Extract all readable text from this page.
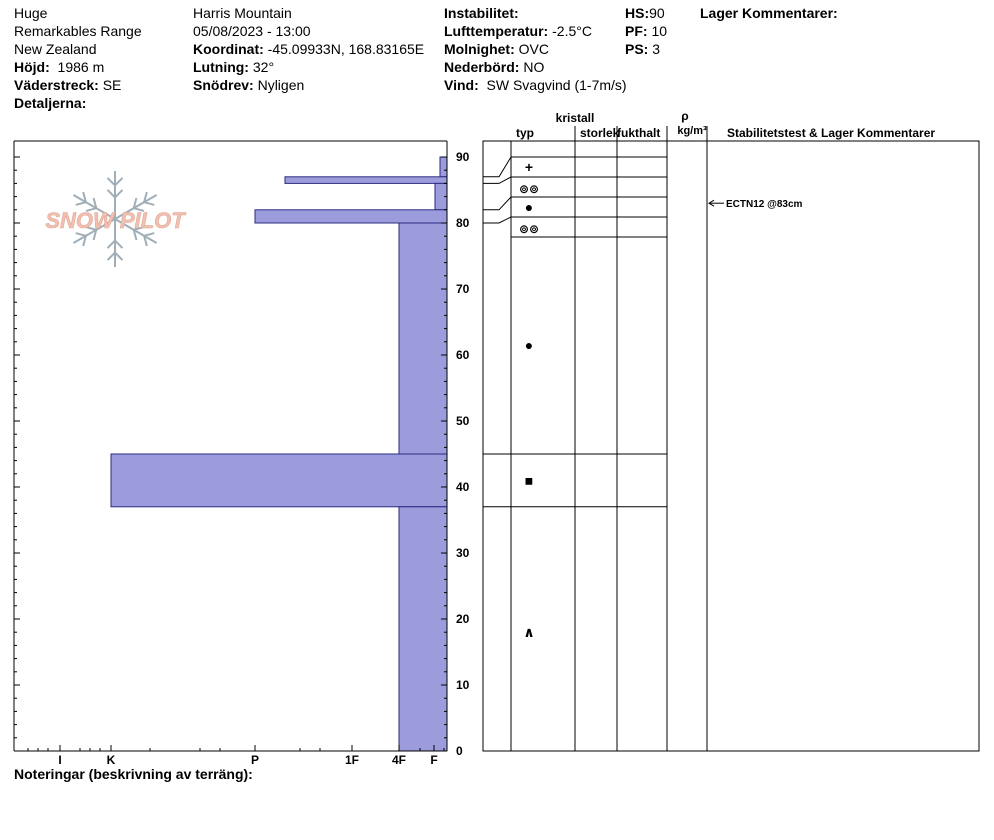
Huge
Remarkables Range
New Zealand
Höjd: 1986 m
Väderstreck: SE
Detaljerna:
Harris Mountain
05/08/2023 - 13:00
Koordinat: -45.09933N, 168.83165E
Lutning: 32°
Snödrev: Nyligen
Instabilitet:
Lufttemperatur: -2.5°C
Molnighet: OVC
Nederbörd: NO
Vind: SW Svagvind (1-7m/s)
HS:90
PF: 10
PS: 3
Lager Kommentarer:
SNOW PILOT
0
10
20
30
40
50
60
70
80
90
I	K	P	1F	4F F
+
⊚⊚
●
⊚⊚
●
■
∧
kristall
typ	storlek
fukthalt
ρ
kg/m³ Stabilitetstest & Lager Kommentarer
ECTN12 @83cm
Noteringar (beskrivning av terräng):
